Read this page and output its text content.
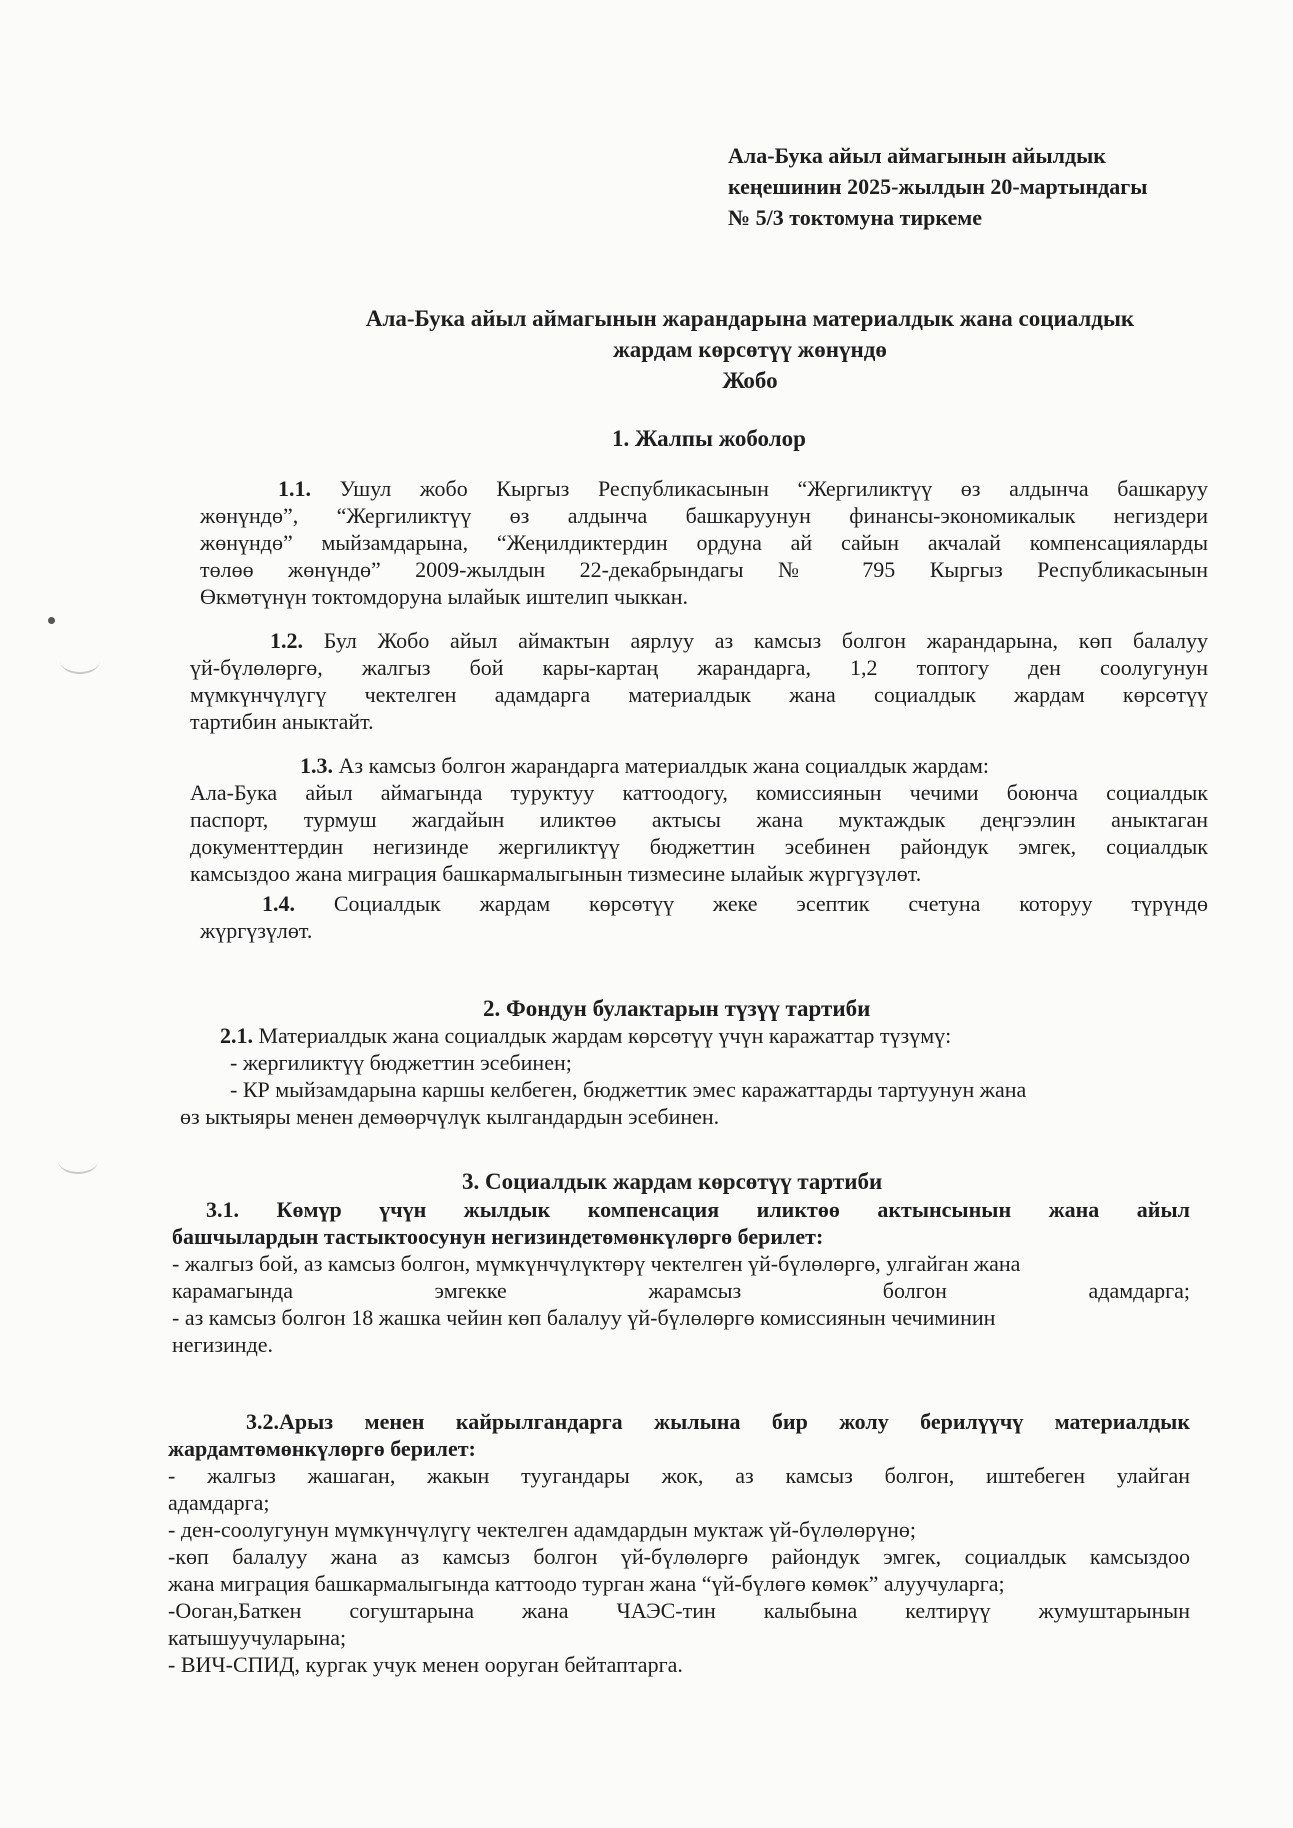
Ала-Бука айыл аймагынын айылдык
кеңешинин 2025-жылдын 20-мартындагы
№ 5/3 токтомуна тиркеме
Ала-Бука айыл аймагынын жарандарына материалдык жана социалдык
жардам көрсөтүү жөнүндө
Жобо
1. Жалпы жоболор
1.1. Ушул жобо Кыргыз Республикасынын “Жергиликтүү өз алдынча башкаруу
жөнүндө”, “Жергиликтүү өз алдынча башкаруунун финансы-экономикалык негиздери
жөнүндө” мыйзамдарына, “Жеңилдиктердин ордуна ай сайын акчалай компенсацияларды
төлөө жөнүндө” 2009-жылдын 22-декабрындагы № 795 Кыргыз Республикасынын
Өкмөтүнүн токтомдоруна ылайык иштелип чыккан.
1.2. Бул Жобо айыл аймактын аярлуу аз камсыз болгон жарандарына, көп балалуу
үй-бүлөлөргө, жалгыз бой кары-картаң жарандарга, 1,2 топтогу ден соолугунун
мүмкүнчүлүгү чектелген адамдарга материалдык жана социалдык жардам көрсөтүү
тартибин аныктайт.
1.3. Аз камсыз болгон жарандарга материалдык жана социалдык жардам:
Ала-Бука айыл аймагында туруктуу каттоодогу, комиссиянын чечими боюнча социалдык
паспорт, турмуш жагдайын иликтөө актысы жана муктаждык деңгээлин аныктаган
документтердин негизинде жергиликтүү бюджеттин эсебинен райондук эмгек, социалдык
камсыздоо жана миграция башкармалыгынын тизмесине ылайык жүргүзүлөт.
1.4. Социалдык жардам көрсөтүү жеке эсептик счетуна которуу түрүндө
жүргүзүлөт.
2. Фондун булактарын түзүү тартиби
2.1. Материалдык жана социалдык жардам көрсөтүү үчүн каражаттар түзүмү:
- жергиликтүү бюджеттин эсебинен;
- КР мыйзамдарына каршы келбеген, бюджеттик эмес каражаттарды тартуунун жана
өз ыктыяры менен демөөрчүлүк кылгандардын эсебинен.
3. Социалдык жардам көрсөтүү тартиби
3.1. Көмүр үчүн жылдык компенсация иликтөө актынсынын жана айыл
башчылардын тастыктоосунун негизиндетөмөнкүлөргө берилет:
- жалгыз бой, аз камсыз болгон, мүмкүнчүлүктөрү чектелген үй-бүлөлөргө, улгайган жана
карамагында эмгекке жарамсыз болгон адамдарга;
- аз камсыз болгон 18 жашка чейин көп балалуу үй-бүлөлөргө комиссиянын чечиминин
негизинде.
3.2.Арыз менен кайрылгандарга жылына бир жолу берилүүчү материалдык
жардамтөмөнкүлөргө берилет:
- жалгыз жашаган, жакын туугандары жок, аз камсыз болгон, иштебеген улайган
адамдарга;
- ден-соолугунун мүмкүнчүлүгү чектелген адамдардын муктаж үй-бүлөлөрүнө;
-көп балалуу жана аз камсыз болгон үй-бүлөлөргө райондук эмгек, социалдык камсыздоо
жана миграция башкармалыгында каттоодо турган жана “үй-бүлөгө көмөк” алуучуларга;
-Ооган,Баткен согуштарына жана ЧАЭС-тин калыбына келтирүү жумуштарынын
катышуучуларына;
- ВИЧ-СПИД, кургак учук менен ооруган бейтаптарга.
